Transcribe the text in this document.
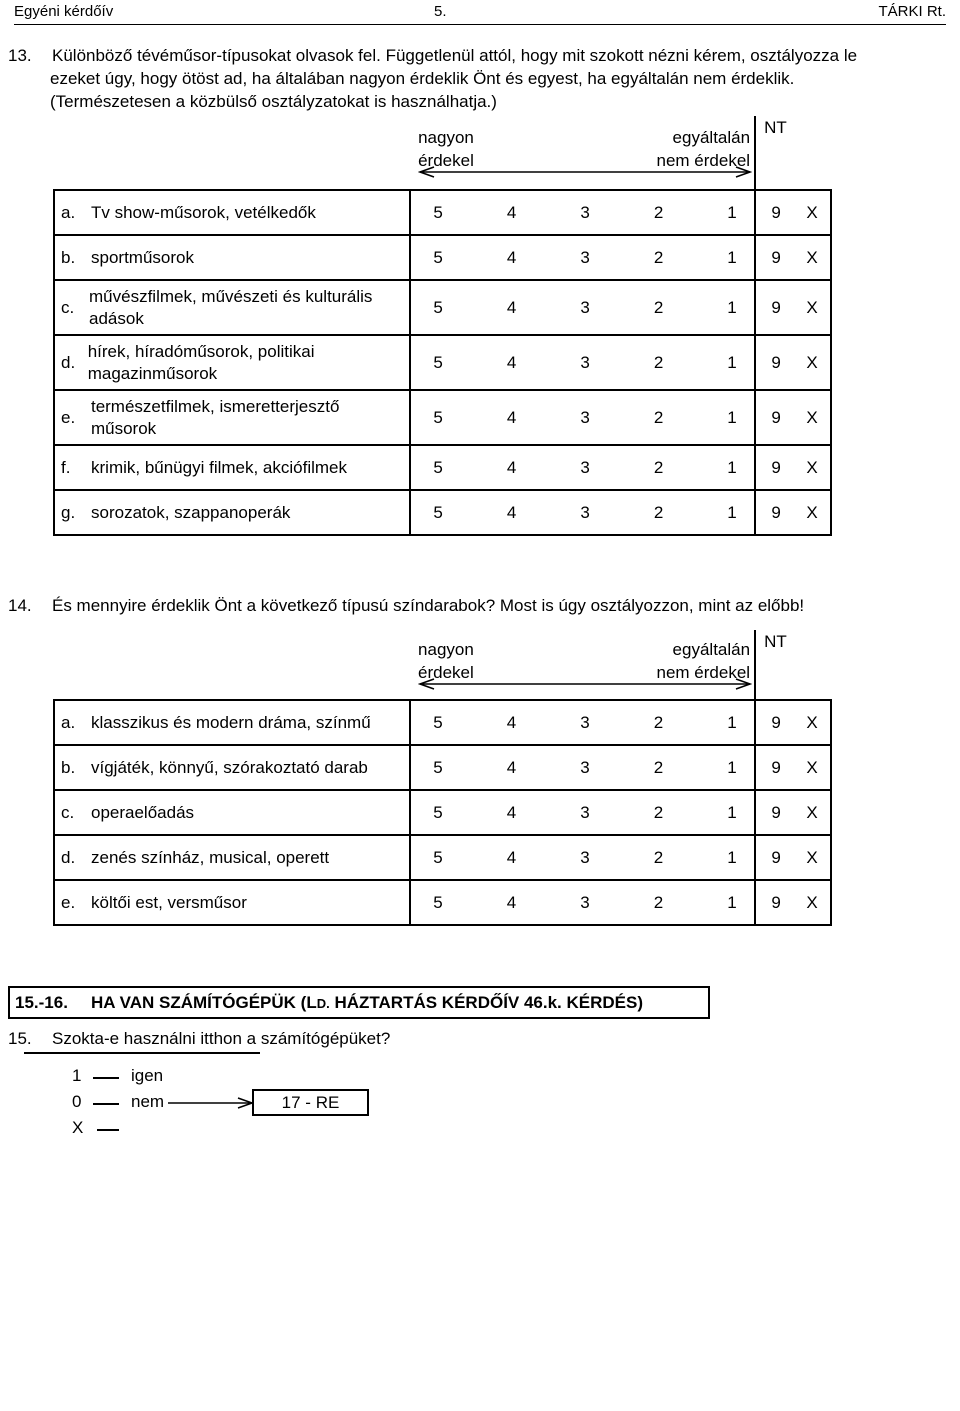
Egyéni kérdőív	5.	TÁRKI Rt.
13. Különböző tévéműsor-típusokat olvasok fel. Függetlenül attól, hogy mit szokott nézni kérem, osztályozza le
ezeket úgy, hogy ötöst ad, ha általában nagyon érdeklik Önt és egyest, ha egyáltalán nem érdeklik.
(Természetesen a közbülső osztályzatokat is használhatja.)

	nagyon
érdekel
egyáltalán
nem érdekel	NT

a. Tv show-műsorok, vetélkedők	5 4 3 2 1	9 X

b. sportműsorok	5 4 3 2 1	9 X

c.
művészfilmek, művészeti és kulturális adások	5 4 3 2 1	9 X

d.
hírek, híradóműsorok, politikai magazinműsorok	5 4 3 2 1	9 X

e.
természetfilmek, ismeretterjesztő műsorok	5 4 3 2 1	9 X

f. krimik, bűnügyi filmek, akciófilmek	5 4 3 2 1	9 X

g. sorozatok, szappanoperák	5 4 3 2 1	9 X
14. És mennyire érdeklik Önt a következő típusú színdarabok? Most is úgy osztályozzon, mint az előbb!

	nagyon
érdekel
egyáltalán
nem érdekel	NT

a. klasszikus és modern dráma, színmű	5 4 3 2 1	9 X

b. vígjáték, könnyű, szórakoztató darab	5 4 3 2 1	9 X

c. operaelőadás	5 4 3 2 1	9 X

d. zenés színház, musical, operett	5 4 3 2 1	9 X

e. költői est, versműsor	5 4 3 2 1	9 X
15.-16. HA VAN SZÁMÍTÓGÉPÜK (LD. HÁZTARTÁS KÉRDŐÍV 46.k. KÉRDÉS)
15. Szokta-e használni itthon a számítógépüket?
1	igen
0	nem	17 - RE
X
